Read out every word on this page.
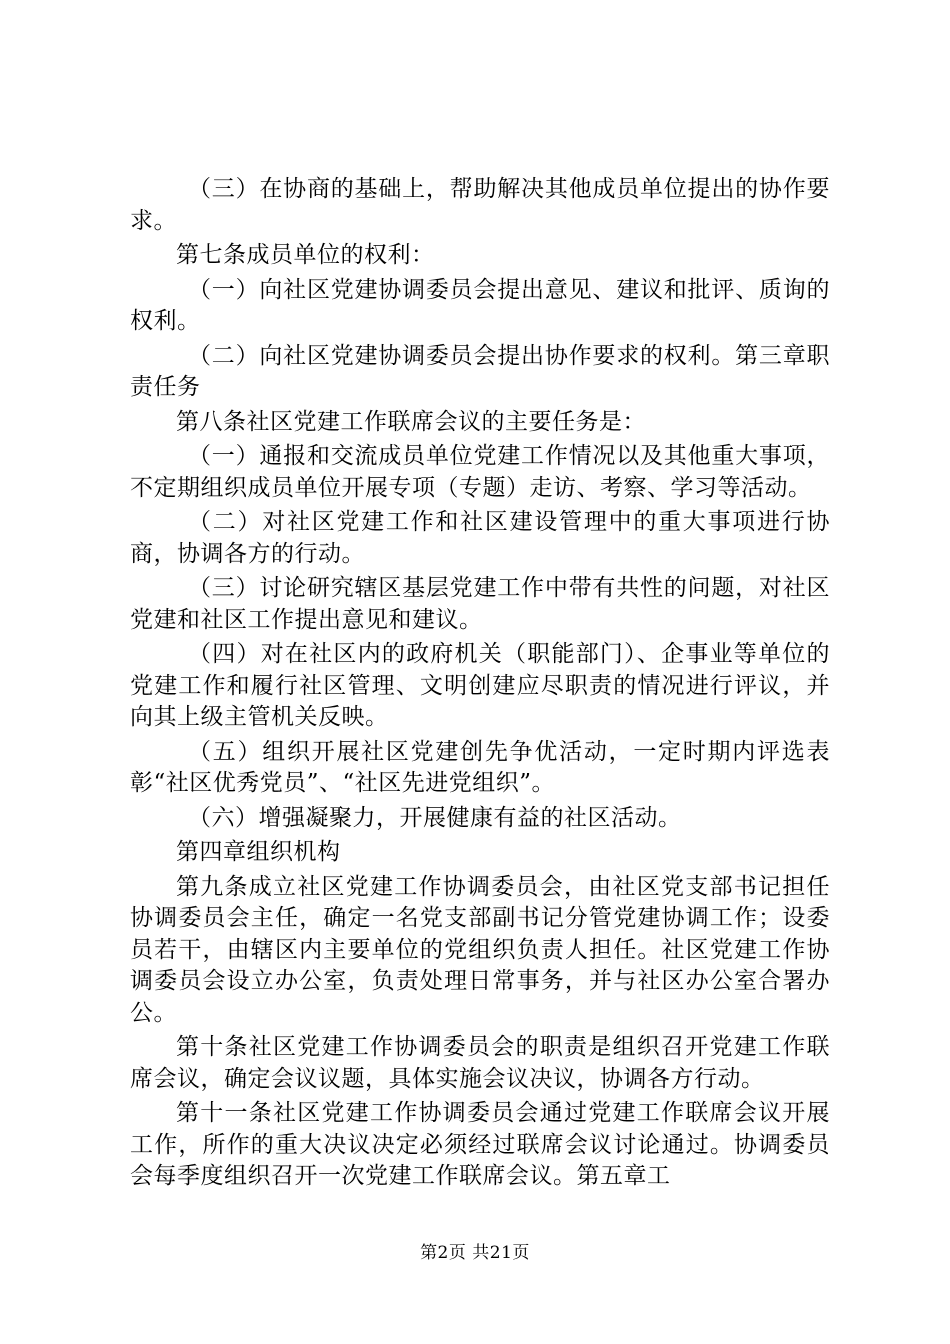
（三）在协商的基础上，帮助解决其他成员单位提出的协作要求。

第七条成员单位的权利：

（一）向社区党建协调委员会提出意见、建议和批评、质询的权利。

（二）向社区党建协调委员会提出协作要求的权利。第三章职责任务

第八条社区党建工作联席会议的主要任务是：

（一）通报和交流成员单位党建工作情况以及其他重大事项，不定期组织成员单位开展专项（专题）走访、考察、学习等活动。

（二）对社区党建工作和社区建设管理中的重大事项进行协商，协调各方的行动。

（三）讨论研究辖区基层党建工作中带有共性的问题，对社区党建和社区工作提出意见和建议。

（四）对在社区内的政府机关（职能部门）、企事业等单位的党建工作和履行社区管理、文明创建应尽职责的情况进行评议，并向其上级主管机关反映。

（五）组织开展社区党建创先争优活动，一定时期内评选表彰“社区优秀党员”、“社区先进党组织”。

（六）增强凝聚力，开展健康有益的社区活动。

第四章组织机构

第九条成立社区党建工作协调委员会，由社区党支部书记担任协调委员会主任，确定一名党支部副书记分管党建协调工作；设委员若干，由辖区内主要单位的党组织负责人担任。社区党建工作协调委员会设立办公室，负责处理日常事务，并与社区办公室合署办公。

第十条社区党建工作协调委员会的职责是组织召开党建工作联席会议，确定会议议题，具体实施会议决议，协调各方行动。

第十一条社区党建工作协调委员会通过党建工作联席会议开展工作，所作的重大决议决定必须经过联席会议讨论通过。协调委员会每季度组织召开一次党建工作联席会议。第五章工

第2页 共21页
